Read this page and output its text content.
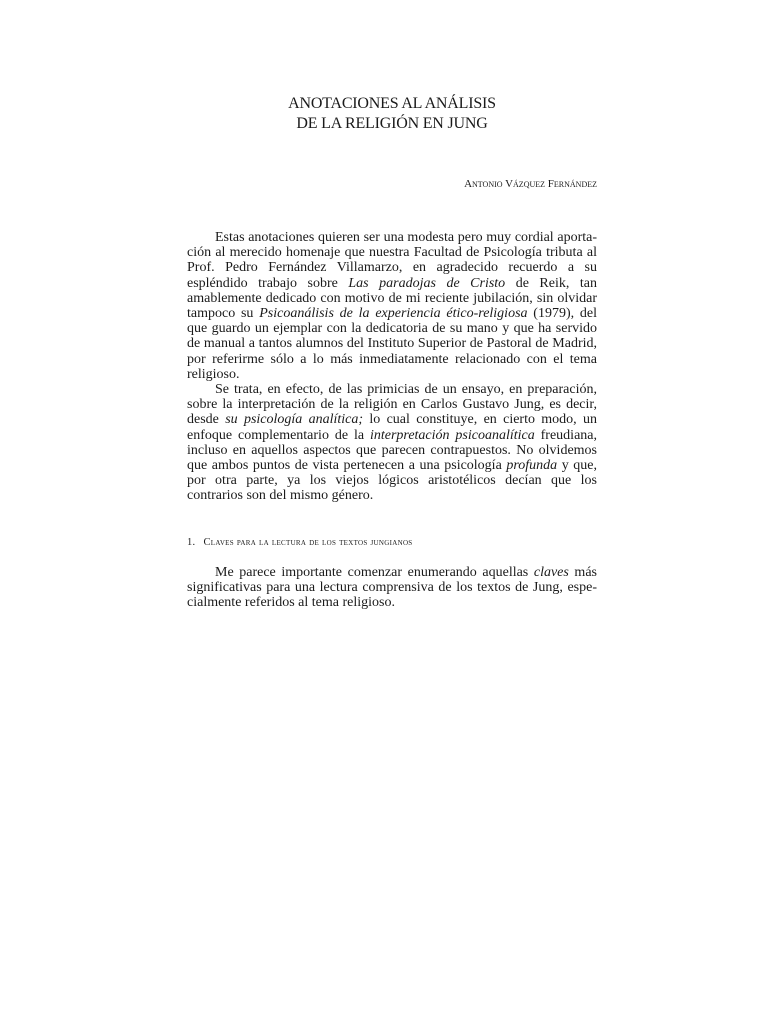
ANOTACIONES AL ANÁLISIS
DE LA RELIGIÓN EN JUNG
Antonio Vázquez Fernández

Estas anotaciones quieren ser una modesta pero muy cordial aportación al merecido homenaje que nuestra Facultad de Psicología tributa al Prof. Pedro Fernández Villamarzo, en agradecido recuerdo a su espléndido trabajo sobre Las paradojas de Cristo de Reik, tan amablemente dedicado con motivo de mi reciente jubilación, sin olvidar tampoco su Psicoanálisis de la experiencia ético-religiosa (1979), del que guardo un ejemplar con la dedicatoria de su mano y que ha servido de manual a tantos alumnos del Instituto Superior de Pastoral de Madrid, por referirme sólo a lo más inmediatamente relacionado con el tema religioso.

Se trata, en efecto, de las primicias de un ensayo, en preparación, sobre la interpretación de la religión en Carlos Gustavo Jung, es decir, desde su psicología analítica; lo cual constituye, en cierto modo, un enfoque complementario de la interpretación psicoanalítica freudiana, incluso en aquellos aspectos que parecen contrapuestos. No olvidemos que ambos puntos de vista pertenecen a una psicología profunda y que, por otra parte, ya los viejos lógicos aristotélicos decían que los contrarios son del mismo género.

1. Claves para la lectura de los textos jungianos

Me parece importante comenzar enumerando aquellas claves más significativas para una lectura comprensiva de los textos de Jung, especialmente referidos al tema religioso.
